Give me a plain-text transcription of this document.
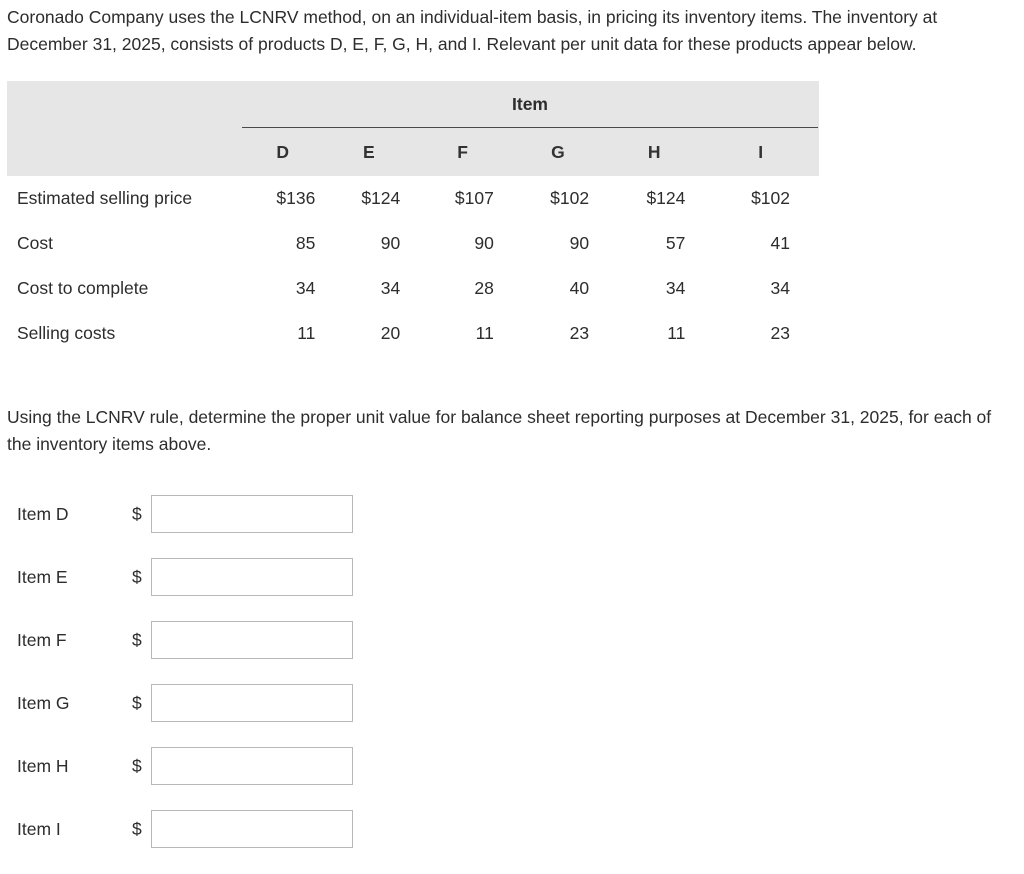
Coronado Company uses the LCNRV method, on an individual-item basis, in pricing its inventory items. The inventory at December 31, 2025, consists of products D, E, F, G, H, and I. Relevant per unit data for these products appear below.

	Item					

	D	E	F	G	H	I
Estimated selling price	$136	$124	$107	$102	$124	$102
Cost	85	90	90	90	57	41
Cost to complete	34	34	28	40	34	34
Selling costs	11	20	11	23	11	23

Using the LCNRV rule, determine the proper unit value for balance sheet reporting purposes at December 31, 2025, for each of the inventory items above.

Item D	$
Item E	$
Item F	$
Item G	$
Item H	$
Item I	$
